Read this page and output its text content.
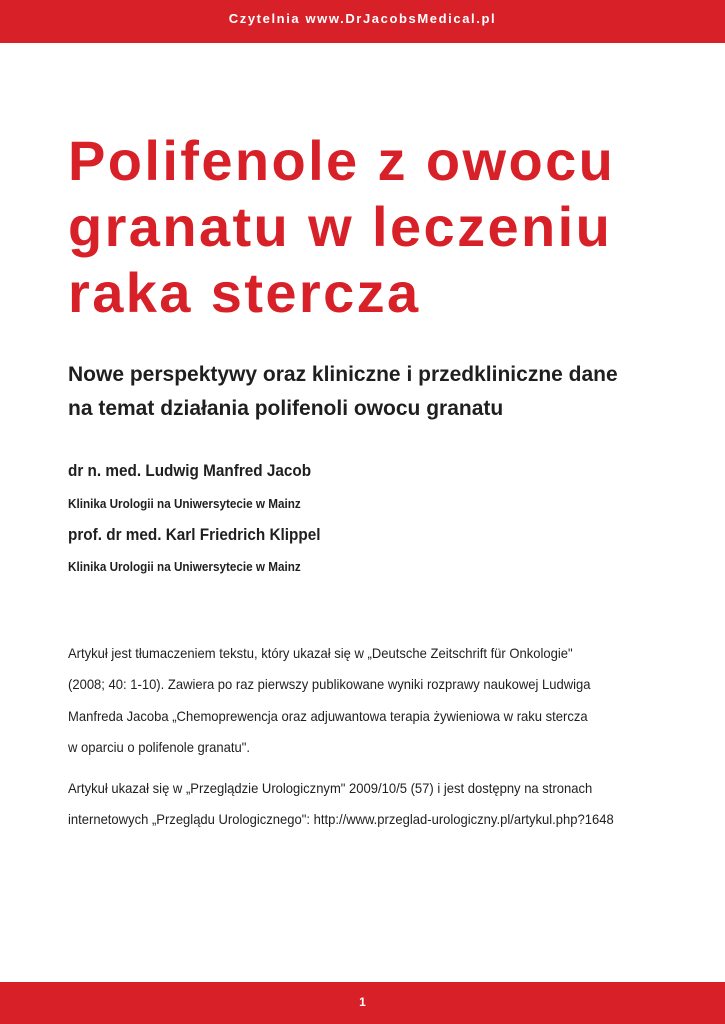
Czytelnia www.DrJacobsMedical.pl
Polifenole z owocu
granatu w leczeniu
raka stercza
Nowe perspektywy oraz kliniczne i przedkliniczne dane
na temat działania polifenoli owocu granatu
dr n. med. Ludwig Manfred Jacob
Klinika Urologii na Uniwersytecie w Mainz
prof. dr med. Karl Friedrich Klippel
Klinika Urologii na Uniwersytecie w Mainz
Artykuł jest tłumaczeniem tekstu, który ukazał się w „Deutsche Zeitschrift für Onkologie"
(2008; 40: 1-10). Zawiera po raz pierwszy publikowane wyniki rozprawy naukowej Ludwiga
Manfreda Jacoba „Chemoprewencja oraz adjuwantowa terapia żywieniowa w raku stercza
w oparciu o polifenole granatu".
Artykuł ukazał się w „Przeglądzie Urologicznym" 2009/10/5 (57) i jest dostępny na stronach
internetowych „Przeglądu Urologicznego": http://www.przeglad-urologiczny.pl/artykul.php?1648
1
